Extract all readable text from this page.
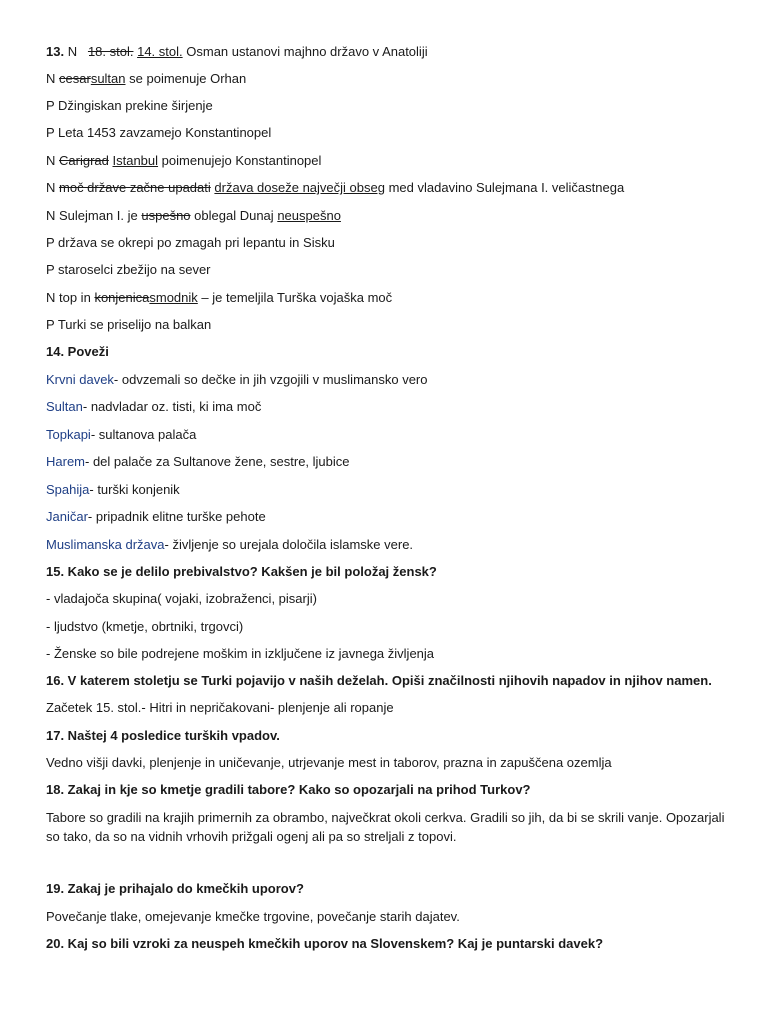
13. N 18. stol. 14. stol. Osman ustanovi majhno državo v Anatoliji
N cesarsultan se poimenuje Orhan
P Džingiskan prekine širjenje
P Leta 1453 zavzamejo Konstantinopel
N Carigrad Istanbul poimenujejo Konstantinopel
N moč države začne upadati država doseže največji obseg med vladavino Sulejmana I. veličastnega
N Sulejman I. je uspešno oblegal Dunaj neuspešno
P država se okrepi po zmagah pri lepantu in Sisku
P staroselci zbežijo na sever
N top in konjenicasmodnik – je temeljila Turška vojaška moč
P Turki se priselijo na balkan
14. Poveži
Krvni davek- odvzemali so dečke in jih vzgojili v muslimansko vero
Sultan- nadvladar oz. tisti, ki ima moč
Topkapi- sultanova palača
Harem- del palače za Sultanove žene, sestre, ljubice
Spahija- turški konjenik
Janičar- pripadnik elitne turške pehote
Muslimanska država- življenje so urejala določila islamske vere.
15. Kako se je delilo prebivalstvo? Kakšen je bil položaj žensk?
- vladajoča skupina( vojaki, izobraženci, pisarji)
- ljudstvo (kmetje, obrtniki, trgovci)
- Ženske so bile podrejene moškim in izključene iz javnega življenja
16. V katerem stoletju se Turki pojavijo v naših deželah. Opiši značilnosti njihovih napadov in njihov namen.
Začetek 15. stol.- Hitri in nepričakovani- plenjenje ali ropanje
17. Naštej 4 posledice turških vpadov.
Vedno višji davki, plenjenje in uničevanje, utrjevanje mest in taborov, prazna in zapuščena ozemlja
18. Zakaj in kje so kmetje gradili tabore? Kako so opozarjali na prihod Turkov?
Tabore so gradili na krajih primernih za obrambo, največkrat okoli cerkva. Gradili so jih, da bi se skrili vanje. Opozarjali so tako, da so na vidnih vrhovih prižgali ogenj ali pa so streljali z topovi.
19. Zakaj je prihajalo do kmečkih uporov?
Povečanje tlake, omejevanje kmečke trgovine, povečanje starih dajatev.
20. Kaj so bili vzroki za neuspeh kmečkih uporov na Slovenskem? Kaj je puntarski davek?
